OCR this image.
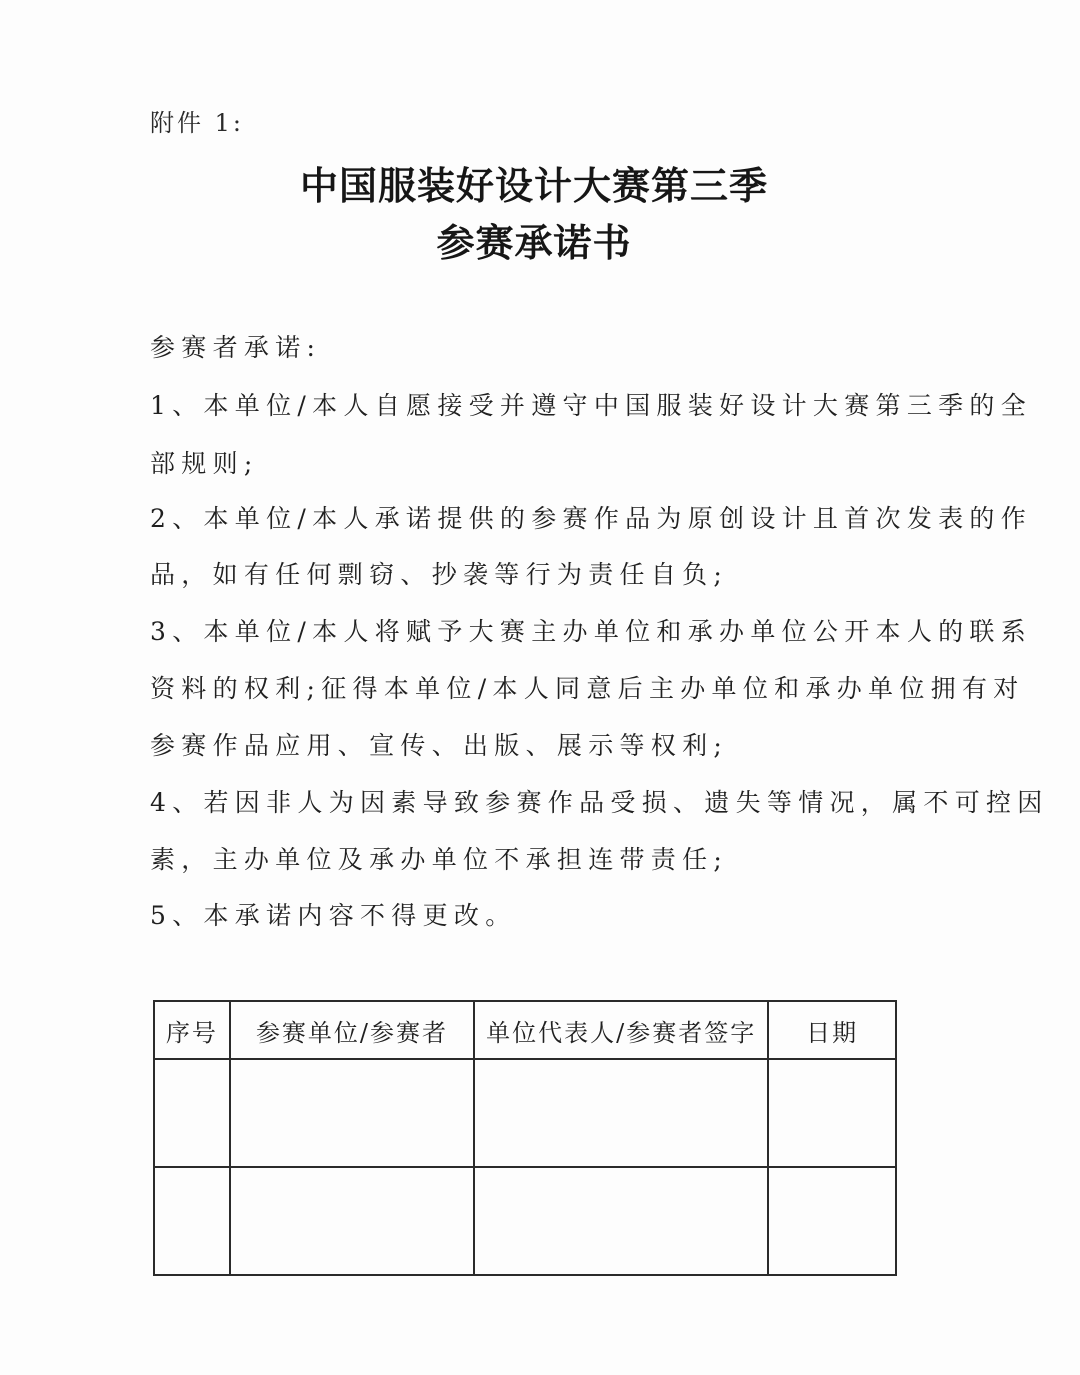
附件 1:
中国服装好设计大赛第三季
参赛承诺书
参赛者承诺:
1、本单位/本人自愿接受并遵守中国服装好设计大赛第三季的全
部规则;
2、本单位/本人承诺提供的参赛作品为原创设计且首次发表的作
品，如有任何剽窃、抄袭等行为责任自负;
3、本单位/本人将赋予大赛主办单位和承办单位公开本人的联系
资料的权利;征得本单位/本人同意后主办单位和承办单位拥有对
参赛作品应用、宣传、出版、展示等权利;
4、若因非人为因素导致参赛作品受损、遗失等情况，属不可控因
素，主办单位及承办单位不承担连带责任;
5、本承诺内容不得更改。
序号	参赛单位/参赛者	单位代表人/参赛者签字	日期
